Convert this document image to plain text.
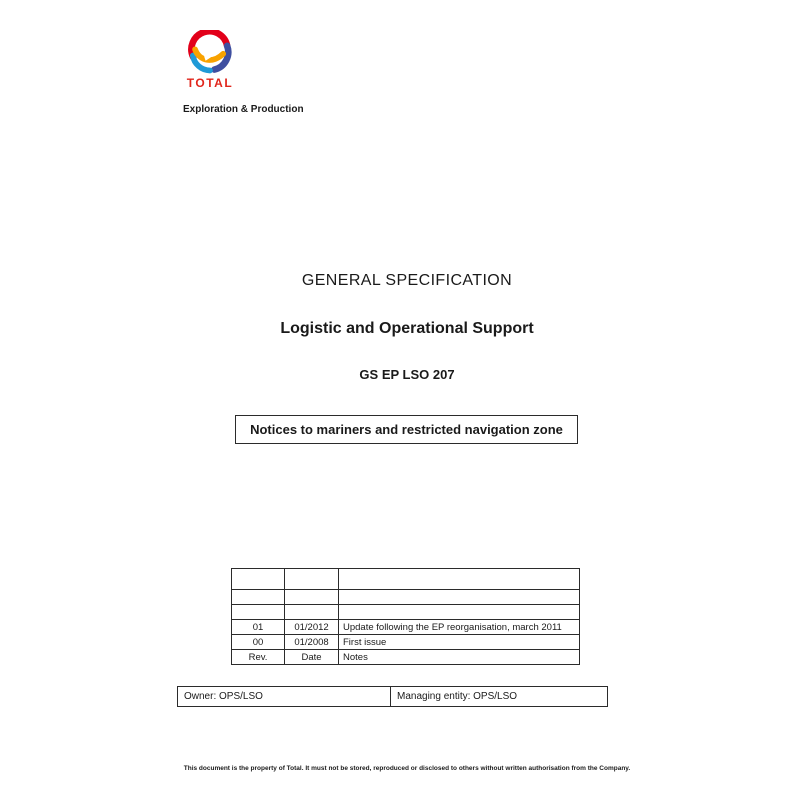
TOTAL
Exploration & Production
GENERAL SPECIFICATION
Logistic and Operational Support
GS EP LSO 207
Notices to mariners and restricted navigation zone

01	01/2012	Update following the EP reorganisation, march 2011
00	01/2008	First issue
Rev.	Date	Notes
Owner: OPS/LSO	Managing entity: OPS/LSO
This document is the property of Total. It must not be stored, reproduced or disclosed to others without written authorisation from the Company.
